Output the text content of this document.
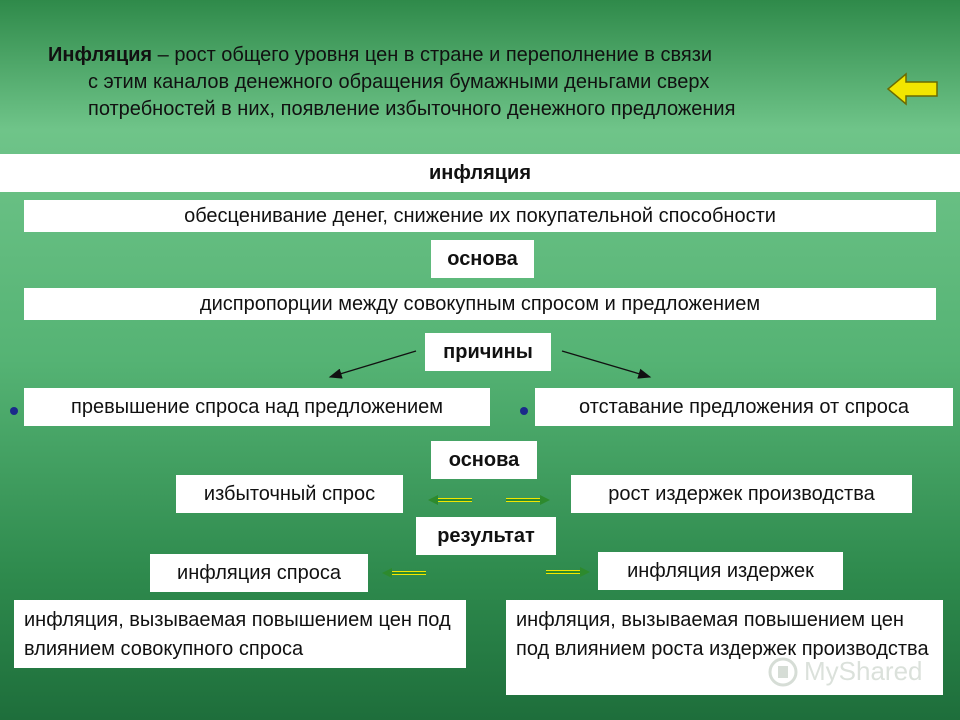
Инфляция – рост общего уровня цен в стране и переполнение в связи
с этим каналов денежного обращения бумажными деньгами сверх
потребностей в них, появление избыточного денежного предложения
инфляция
обесценивание денег, снижение их покупательной способности
основа
диспропорции между совокупным спросом и предложением
причины
превышение спроса над предложением	отставание предложения от спроса
основа
избыточный спрос	рост издержек производства
результат
инфляция спроса	инфляция издержек
инфляция, вызываемая повышением цен под влиянием совокупного спроса
инфляция, вызываемая повышением цен под влиянием роста издержек производства
MyShared
